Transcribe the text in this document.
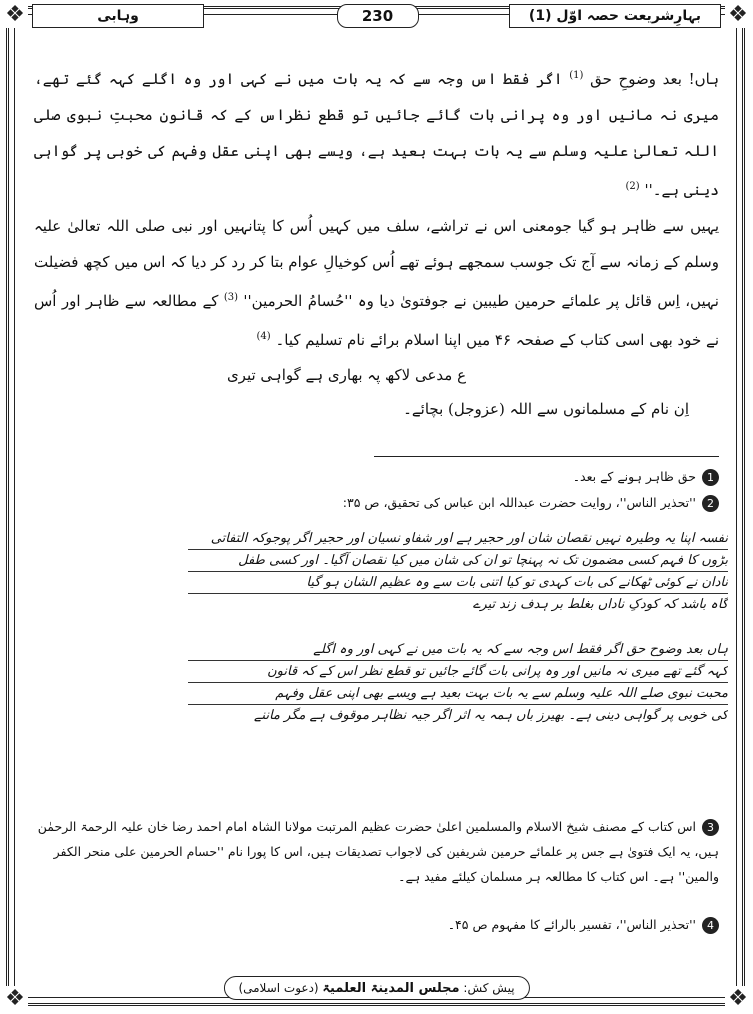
❖	❖
❖	❖
بہارِشریعت حصہ اوّل (1)
230
وہابی

ہاں! بعد وضوحِ حق $^{(1)}$ اگر فقط اس وجہ سے کہ یہ بات میں نے کہی اور وہ اگلے کہہ گئے تھے، میری نہ مانیں اور وہ پرانی بات گائے جائیں تو قطع نظراس کے کہ قانونِ محبتِ نبوی صلی اللہ تعالیٰ علیہ وسلم سے یہ بات بہت بعید ہے، ویسے بھی اپنی عقل وفہم کی خوبی پر گواہی دینی ہے۔'' $^{(2)}$

یہیں سے ظاہر ہو گیا جومعنی اس نے تراشے، سلف میں کہیں اُس کا پتانہیں اور نبی صلی اللہ تعالیٰ علیہ وسلم کے زمانہ سے آج تک جوسب سمجھے ہوئے تھے اُس کوخیالِ عوام بتا کر رد کر دیا کہ اس میں کچھ فضیلت نہیں، اِس قائل پر علمائے حرمین طیبین نے جوفتویٰ دیا وہ ''حُسامُ الحرمین'' $^{(3)}$ کے مطالعہ سے ظاہر اور اُس نے خود بھی اسی کتاب کے صفحہ ۴۶ میں اپنا اسلام برائے نام تسلیم کیا۔ $^{(4)}$

ع مدعی لاکھ پہ بھاری ہے گواہی تیری

اِن نام کے مسلمانوں سے اللہ (عزوجل) بچائے۔

1حق ظاہر ہونے کے بعد۔
2''تحذیر الناس''، روایت حضرت عبداللہ ابن عباس کی تحقیق، ص ۳۵:

نفسہ اپنا یہ وطیرہ نہیں نقصان شان اور حجیر ہے اور شفاو نسیان اور حجیر اگر پوجوکہ التفاتی

بڑوں کا فہم کسی مضمون تک نہ پہنچا تو ان کی شان میں کیا نقصان آگیا۔ اور کسی طفل

نادان نے کوئی ٹھکانے کی بات کہدی تو کیا اتنی بات سے وہ عظیم الشان ہو گیا

گاہ باشد کہ کودکِ ناداں بغلط بر ہدف زند تیرے

ہاں بعد وضوح حق اگر فقط اس وجہ سے کہ یہ بات میں نے کہی اور وہ اگلے

کہہ گئے تھے میری نہ مانیں اور وہ پرانی بات گائے جائیں تو قطع نظر اس کے کہ قانون

محبت نبوی صلے اللہ علیہ وسلم سے یہ بات بہت بعید ہے ویسے بھی اپنی عقل وفہم

کی خوبی پر گواہی دینی ہے۔ بھیرز باں ہمہ یہ اثر اگر جیہ نظاہر موقوف ہے مگر ماننے

3اس کتاب کے مصنف شیخ الاسلام والمسلمین اعلیٰ حضرت عظیم المرتبت مولانا الشاہ امام احمد رضا خان علیہ الرحمۃ الرحمٰن ہیں، یہ ایک فتویٰ ہے جس پر علمائے حرمین شریفین کی لاجواب تصدیقات ہیں، اس کا پورا نام ''حسام الحرمین علی منحر الکفر والمین'' ہے۔ اس کتاب کا مطالعہ ہر مسلمان کیلئے مفید ہے۔
4''تحذیر الناس''، تفسیر بالرائے کا مفہوم ص ۴۵۔
پیش کش: مجلس المدینۃ العلمیۃ (دعوت اسلامی)
